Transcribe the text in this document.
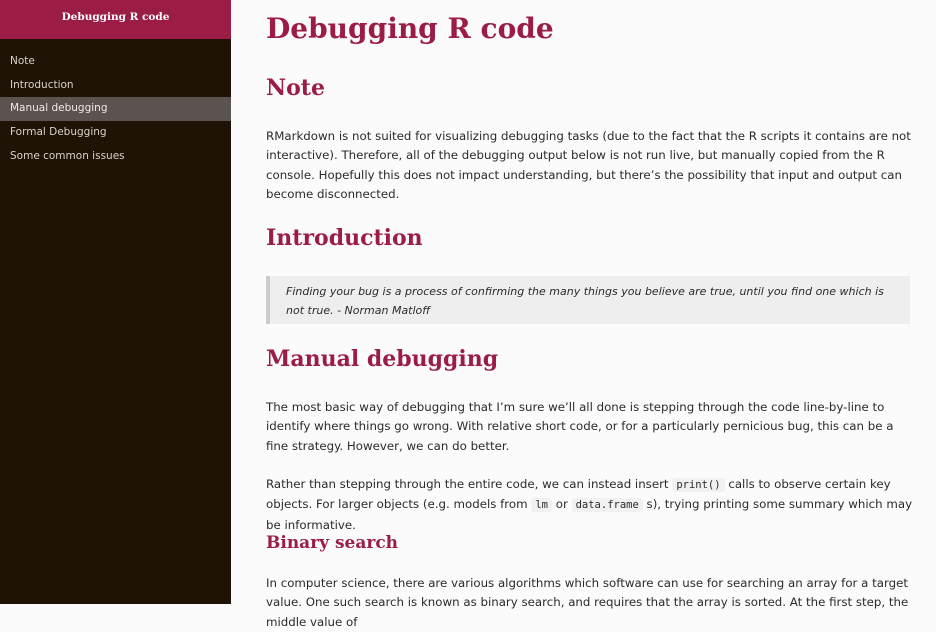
Debugging R code
Note
Introduction
Manual debugging
Formal Debugging
Some common issues
Debugging R code
Note

RMarkdown is not suited for visualizing debugging tasks (due to the fact that the R scripts it contains are not interactive). Therefore, all of the debugging output below is not run live, but manually copied from the R console. Hopefully this does not impact understanding, but there’s the possibility that input and output can become disconnected.

Introduction
Finding your bug is a process of confirming the many things you believe are true, until you find one which is not true. - Norman Matloff
Manual debugging

The most basic way of debugging that I’m sure we’ll all done is stepping through the code line-by-line to identify where things go wrong. With relative short code, or for a particularly pernicious bug, this can be a fine strategy. However, we can do better.

Rather than stepping through the entire code, we can instead insert print() calls to observe certain key objects. For larger objects (e.g. models from lm or data.frame s), trying printing some summary which may be informative.

Binary search

In computer science, there are various algorithms which software can use for searching an array for a target value. One such search is known as binary search, and requires that the array is sorted. At the first step, the middle value of
